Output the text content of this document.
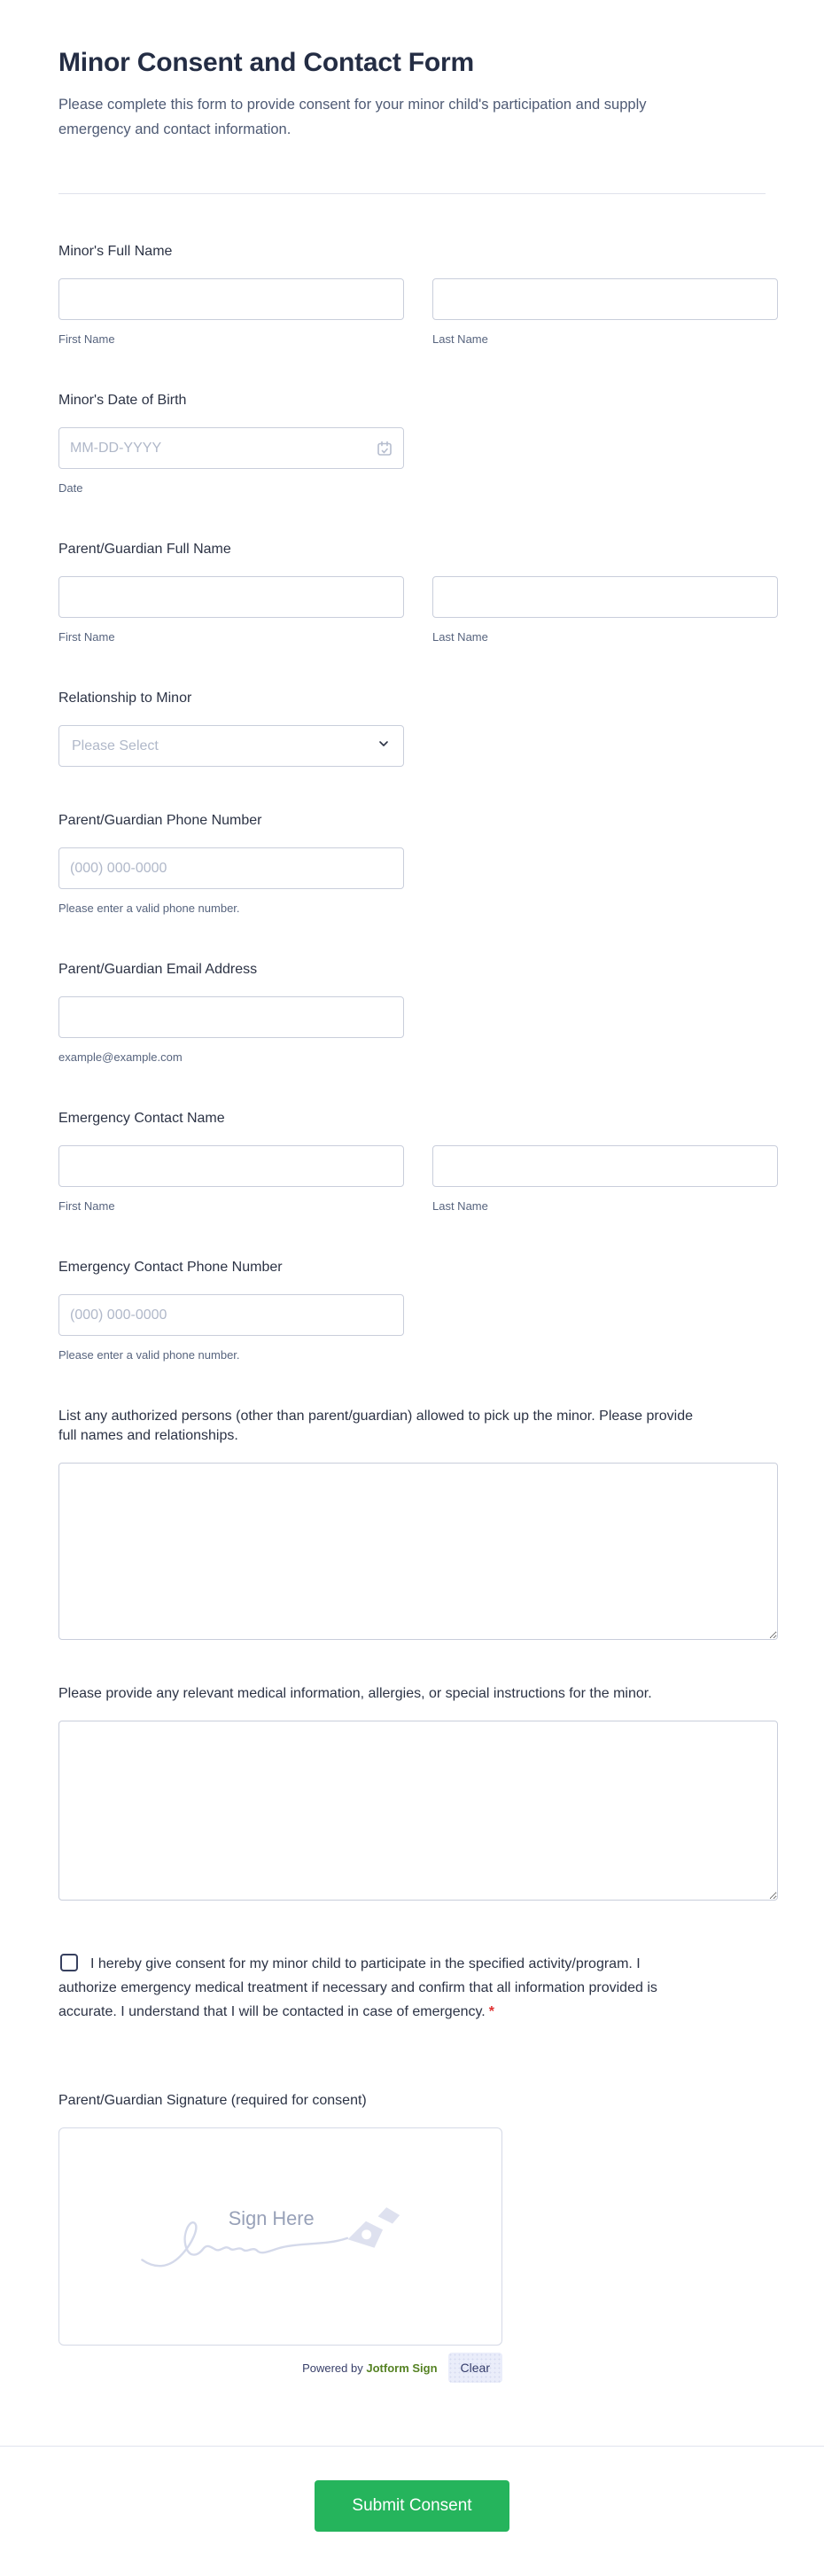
Minor Consent and Contact Form
Please complete this form to provide consent for your minor child's participation and supply emergency and contact information.
Minor's Full Name
First Name	Last Name
Minor's Date of Birth
MM-DD-YYYY
Date
Parent/Guardian Full Name
First Name	Last Name
Relationship to Minor
Please Select
Parent/Guardian Phone Number
(000) 000-0000
Please enter a valid phone number.
Parent/Guardian Email Address
example@example.com
Emergency Contact Name
First Name	Last Name
Emergency Contact Phone Number
(000) 000-0000
Please enter a valid phone number.
List any authorized persons (other than parent/guardian) allowed to pick up the minor. Please provide full names and relationships.
Please provide any relevant medical information, allergies, or special instructions for the minor.
I hereby give consent for my minor child to participate in the specified activity/program. I authorize emergency medical treatment if necessary and confirm that all information provided is accurate. I understand that I will be contacted in case of emergency. *
Parent/Guardian Signature (required for consent)
Sign Here
Powered by Jotform Sign	Clear
Submit Consent
